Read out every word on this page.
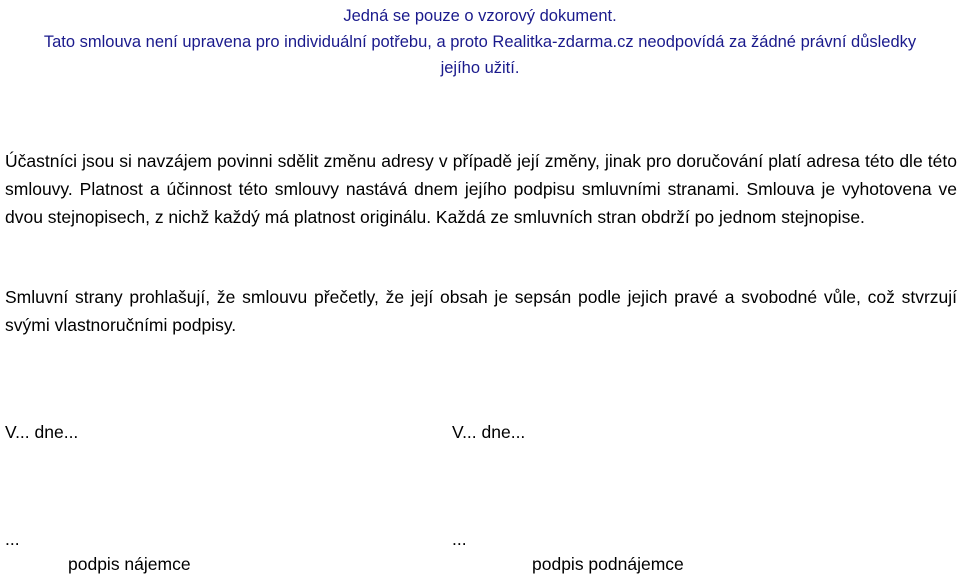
Jedná se pouze o vzorový dokument.
Tato smlouva není upravena pro individuální potřebu, a proto Realitka-zdarma.cz neodpovídá za žádné právní důsledky
jejího užití.
Účastníci jsou si navzájem povinni sdělit změnu adresy v případě její změny, jinak pro doručování platí adresa této dle této smlouvy. Platnost a účinnost této smlouvy nastává dnem jejího podpisu smluvními stranami. Smlouva je vyhotovena ve dvou stejnopisech, z nichž každý má platnost originálu. Každá ze smluvních stran obdrží po jednom stejnopise.
Smluvní strany prohlašují, že smlouvu přečetly, že její obsah je sepsán podle jejich pravé a svobodné vůle, což stvrzují svými vlastnoručními podpisy.
V... dne...	V... dne...
...	...
podpis nájemce	podpis podnájemce
